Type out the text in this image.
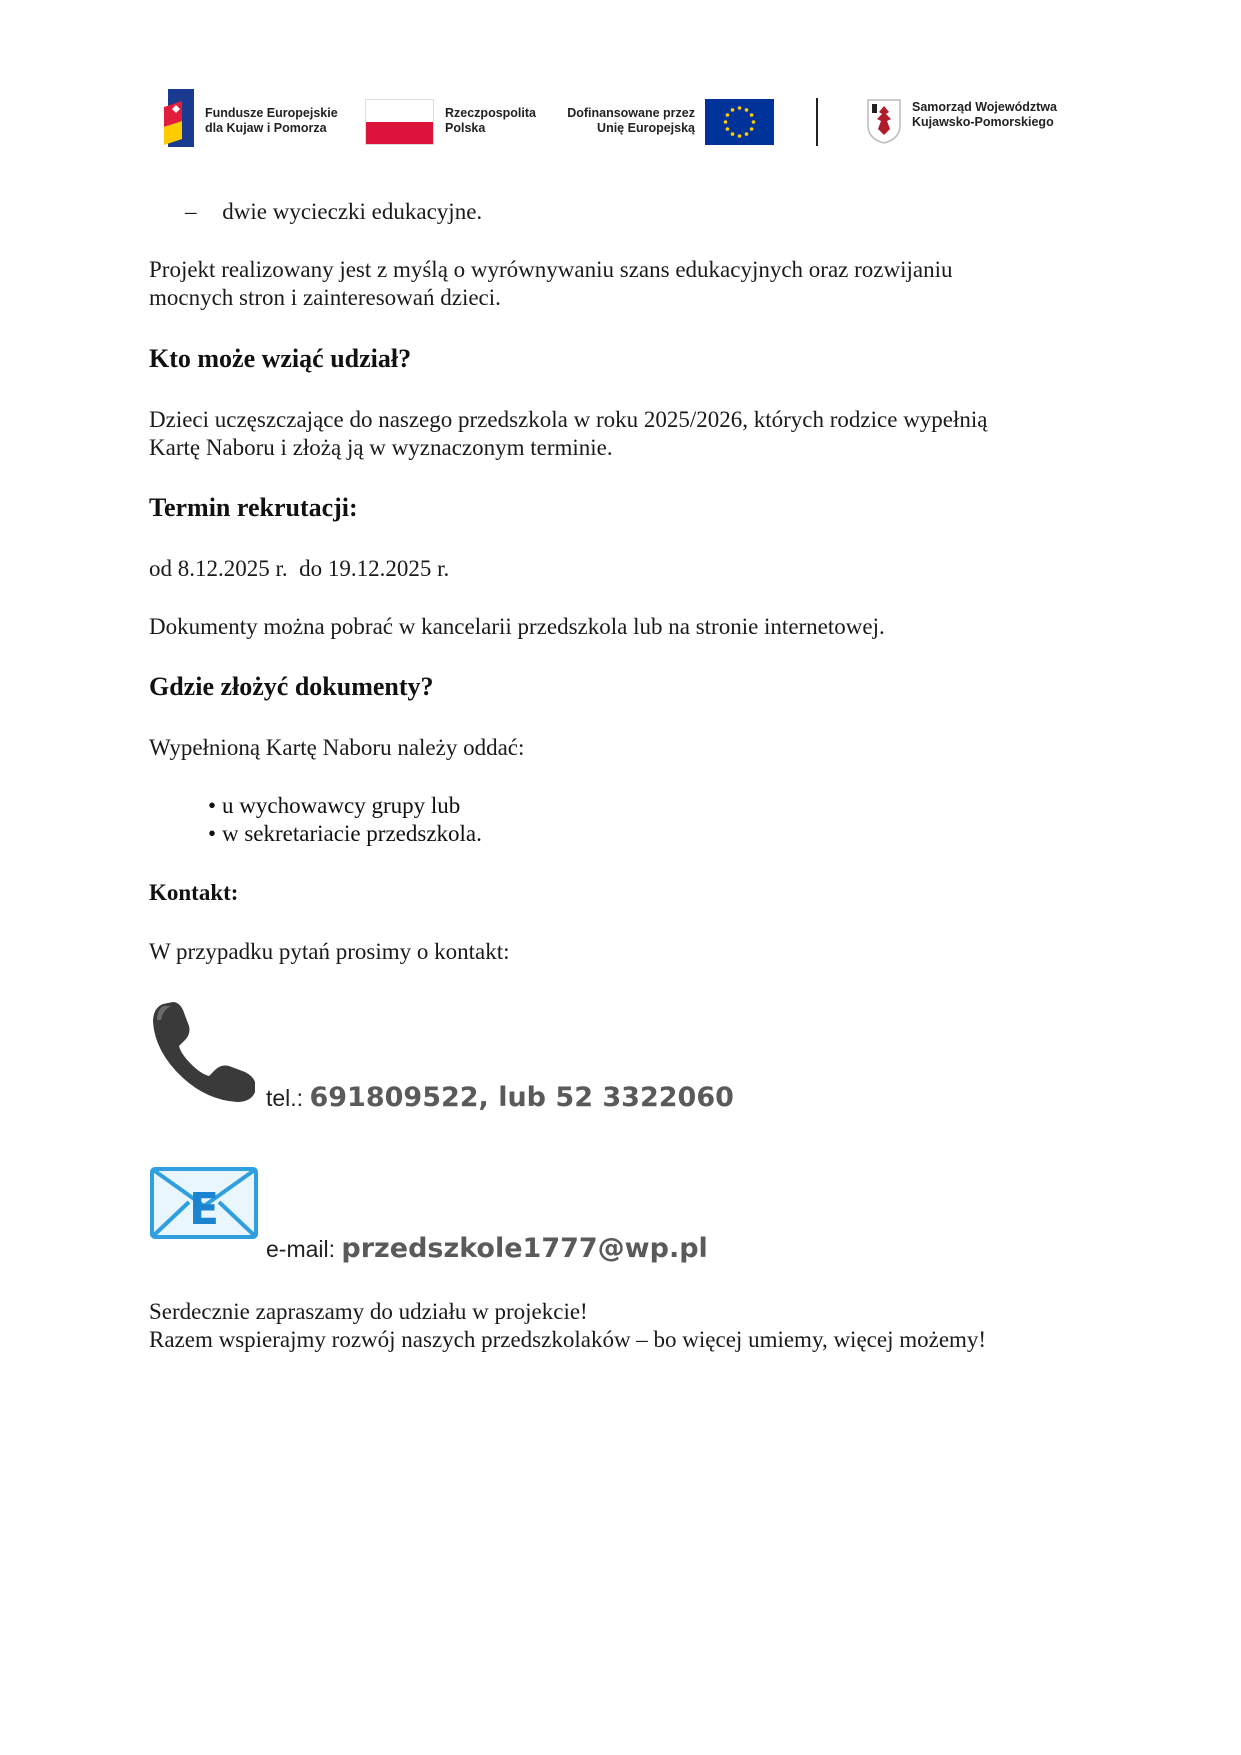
Fundusze Europejskie
dla Kujaw i Pomorza
Rzeczpospolita
Polska
Dofinansowane przez
Unię Europejską
Samorząd Województwa
Kujawsko-Pomorskiego
– dwie wycieczki edukacyjne.
Projekt realizowany jest z myślą o wyrównywaniu szans edukacyjnych oraz rozwijaniu
mocnych stron i zainteresowań dzieci.
Kto może wziąć udział?
Dzieci uczęszczające do naszego przedszkola w roku 2025/2026, których rodzice wypełnią
Kartę Naboru i złożą ją w wyznaczonym terminie.
Termin rekrutacji:
od 8.12.2025 r.  do 19.12.2025 r.
Dokumenty można pobrać w kancelarii przedszkola lub na stronie internetowej.
Gdzie złożyć dokumenty?
Wypełnioną Kartę Naboru należy oddać:
• u wychowawcy grupy lub
• w sekretariacie przedszkola.
Kontakt:
W przypadku pytań prosimy o kontakt:
tel.: 691809522, lub 52 3322060
E
e-mail: przedszkole1777@wp.pl
Serdecznie zapraszamy do udziału w projekcie!
Razem wspierajmy rozwój naszych przedszkolaków – bo więcej umiemy, więcej możemy!
